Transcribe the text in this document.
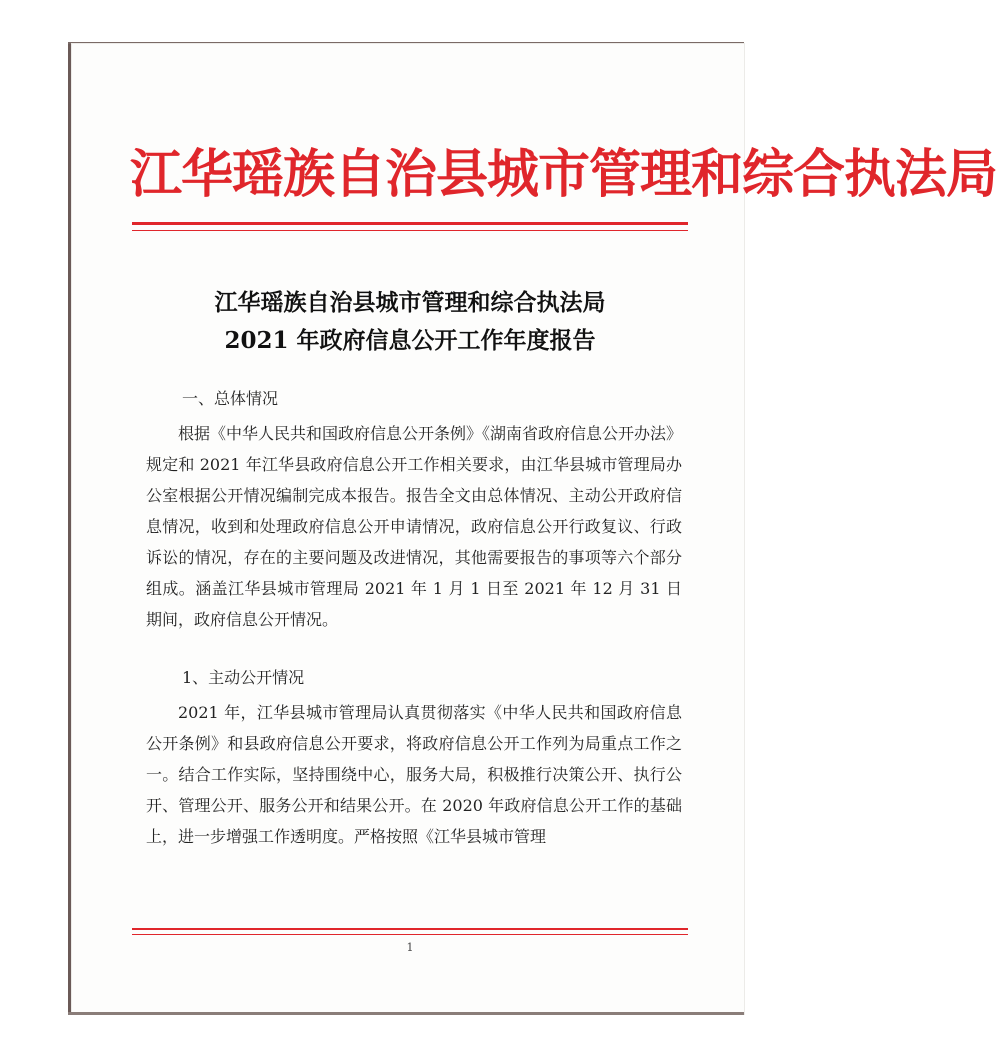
江华瑶族自治县城市管理和综合执法局
江华瑶族自治县城市管理和综合执法局
2021 年政府信息公开工作年度报告
一、总体情况

根据《中华人民共和国政府信息公开条例》《湖南省政府信息公开办法》规定和 2021 年江华县政府信息公开工作相关要求，由江华县城市管理局办公室根据公开情况编制完成本报告。报告全文由总体情况、主动公开政府信息情况，收到和处理政府信息公开申请情况，政府信息公开行政复议、行政诉讼的情况，存在的主要问题及改进情况，其他需要报告的事项等六个部分组成。涵盖江华县城市管理局 2021 年 1 月 1 日至 2021 年 12 月 31 日期间，政府信息公开情况。

1、主动公开情况

2021 年，江华县城市管理局认真贯彻落实《中华人民共和国政府信息公开条例》和县政府信息公开要求，将政府信息公开工作列为局重点工作之一。结合工作实际，坚持围绕中心，服务大局，积极推行决策公开、执行公开、管理公开、服务公开和结果公开。在 2020 年政府信息公开工作的基础上，进一步增强工作透明度。严格按照《江华县城市管理

1
